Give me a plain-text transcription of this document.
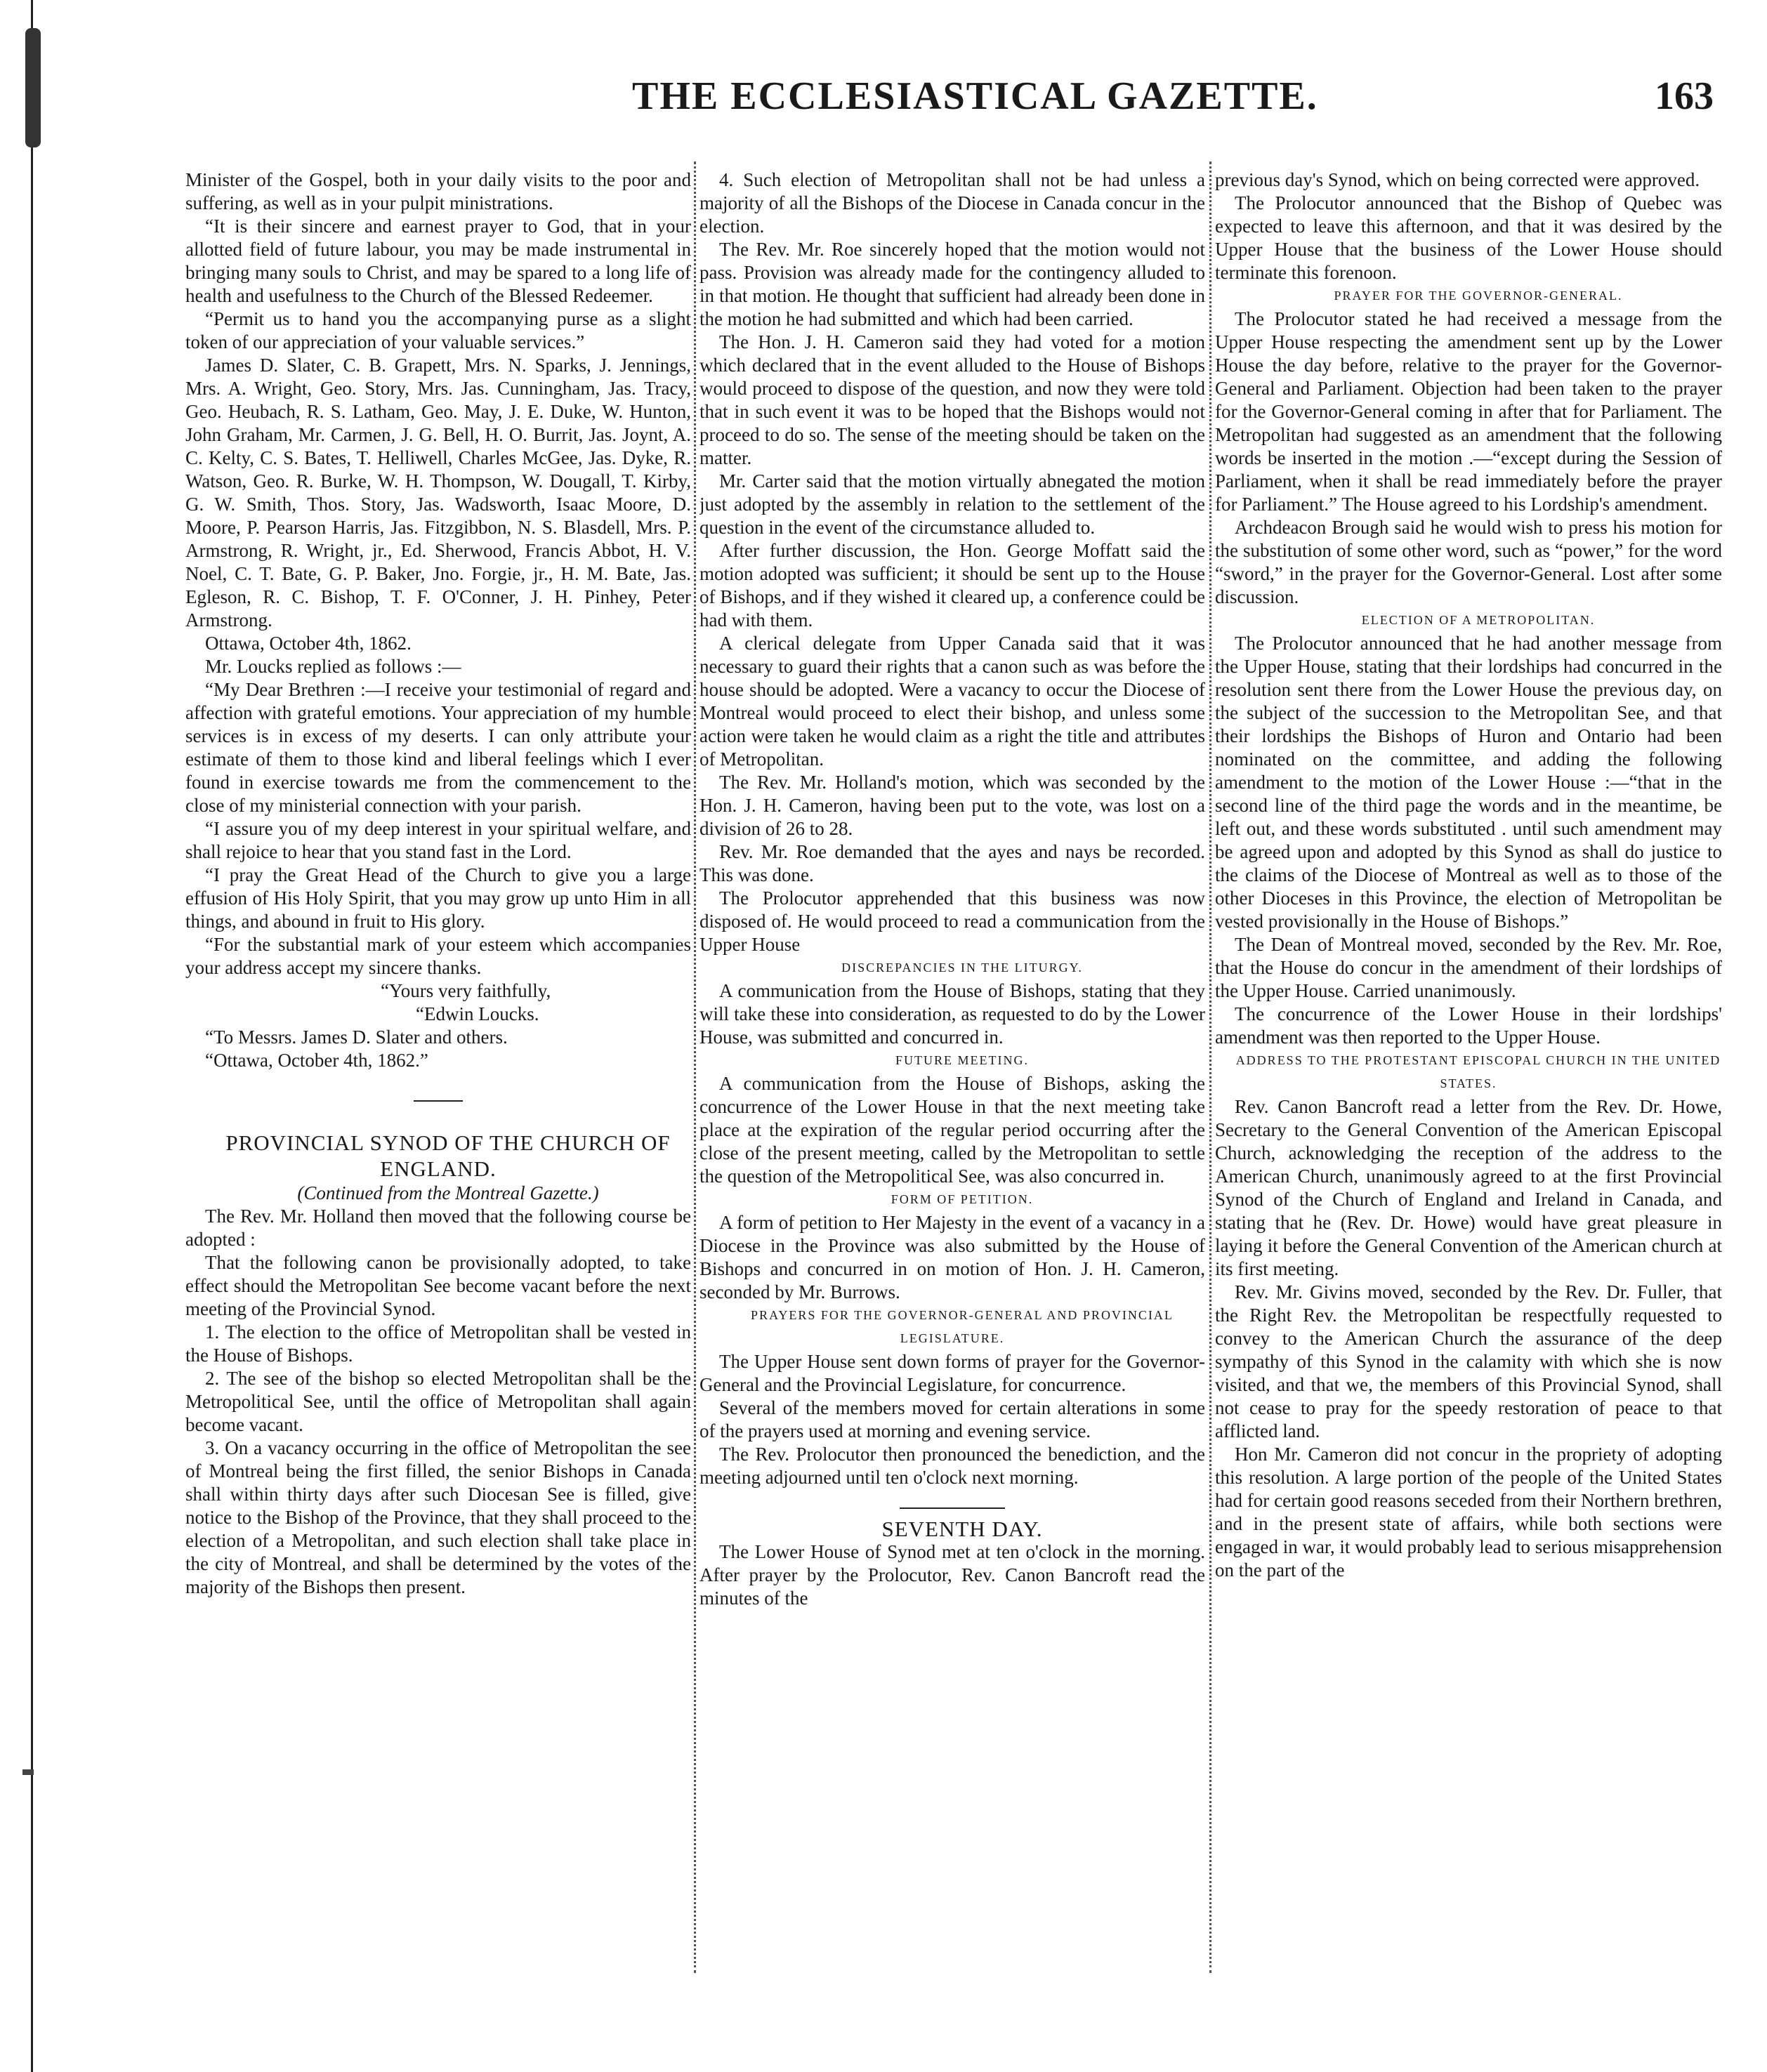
THE ECCLESIASTICAL GAZETTE.	163

Minister of the Gospel, both in your daily visits to the poor and suffering, as well as in your pulpit ministrations.

“It is their sincere and earnest prayer to God, that in your allotted field of future labour, you may be made instrumental in bringing many souls to Christ, and may be spared to a long life of health and usefulness to the Church of the Blessed Redeemer.

“Permit us to hand you the accompanying purse as a slight token of our appreciation of your valuable services.”

James D. Slater, C. B. Grapett, Mrs. N. Sparks, J. Jennings, Mrs. A. Wright, Geo. Story, Mrs. Jas. Cunningham, Jas. Tracy, Geo. Heubach, R. S. Latham, Geo. May, J. E. Duke, W. Hunton, John Graham, Mr. Carmen, J. G. Bell, H. O. Burrit, Jas. Joynt, A. C. Kelty, C. S. Bates, T. Helliwell, Charles McGee, Jas. Dyke, R. Watson, Geo. R. Burke, W. H. Thompson, W. Dougall, T. Kirby, G. W. Smith, Thos. Story, Jas. Wadsworth, Isaac Moore, D. Moore, P. Pearson Harris, Jas. Fitzgibbon, N. S. Blasdell, Mrs. P. Armstrong, R. Wright, jr., Ed. Sherwood, Francis Abbot, H. V. Noel, C. T. Bate, G. P. Baker, Jno. Forgie, jr., H. M. Bate, Jas. Egleson, R. C. Bishop, T. F. O'Conner, J. H. Pinhey, Peter Armstrong.

Ottawa, October 4th, 1862.

Mr. Loucks replied as follows :—

“My Dear Brethren :—I receive your testimonial of regard and affection with grateful emotions. Your appreciation of my humble services is in excess of my deserts. I can only attribute your estimate of them to those kind and liberal feelings which I ever found in exercise towards me from the commencement to the close of my ministerial connection with your parish.

“I assure you of my deep interest in your spiritual welfare, and shall rejoice to hear that you stand fast in the Lord.

“I pray the Great Head of the Church to give you a large effusion of His Holy Spirit, that you may grow up unto Him in all things, and abound in fruit to His glory.

“For the substantial mark of your esteem which accompanies your address accept my sincere thanks.

“Yours very faithfully,

“Edwin Loucks.

“To Messrs. James D. Slater and others.

“Ottawa, October 4th, 1862.”

PROVINCIAL SYNOD OF THE CHURCH OF ENGLAND.

(Continued from the Montreal Gazette.)

The Rev. Mr. Holland then moved that the following course be adopted :

That the following canon be provisionally adopted, to take effect should the Metropolitan See become vacant before the next meeting of the Provincial Synod.

1. The election to the office of Metropolitan shall be vested in the House of Bishops.

2. The see of the bishop so elected Metropolitan shall be the Metropolitical See, until the office of Metropolitan shall again become vacant.

3. On a vacancy occurring in the office of Metropolitan the see of Montreal being the first filled, the senior Bishops in Canada shall within thirty days after such Diocesan See is filled, give notice to the Bishop of the Province, that they shall proceed to the election of a Metropolitan, and such election shall take place in the city of Montreal, and shall be determined by the votes of the majority of the Bishops then present.

4. Such election of Metropolitan shall not be had unless a majority of all the Bishops of the Diocese in Canada concur in the election.

The Rev. Mr. Roe sincerely hoped that the motion would not pass. Provision was already made for the contingency alluded to in that motion. He thought that sufficient had already been done in the motion he had submitted and which had been carried.

The Hon. J. H. Cameron said they had voted for a motion which declared that in the event alluded to the House of Bishops would proceed to dispose of the question, and now they were told that in such event it was to be hoped that the Bishops would not proceed to do so. The sense of the meeting should be taken on the matter.

Mr. Carter said that the motion virtually abnegated the motion just adopted by the assembly in relation to the settlement of the question in the event of the circumstance alluded to.

After further discussion, the Hon. George Moffatt said the motion adopted was sufficient; it should be sent up to the House of Bishops, and if they wished it cleared up, a conference could be had with them.

A clerical delegate from Upper Canada said that it was necessary to guard their rights that a canon such as was before the house should be adopted. Were a vacancy to occur the Diocese of Montreal would proceed to elect their bishop, and unless some action were taken he would claim as a right the title and attributes of Metropolitan.

The Rev. Mr. Holland's motion, which was seconded by the Hon. J. H. Cameron, having been put to the vote, was lost on a division of 26 to 28.

Rev. Mr. Roe demanded that the ayes and nays be recorded. This was done.

The Prolocutor apprehended that this business was now disposed of. He would proceed to read a communication from the Upper House

DISCREPANCIES IN THE LITURGY.

A communication from the House of Bishops, stating that they will take these into consideration, as requested to do by the Lower House, was submitted and concurred in.

FUTURE MEETING.

A communication from the House of Bishops, asking the concurrence of the Lower House in that the next meeting take place at the expiration of the regular period occurring after the close of the present meeting, called by the Metropolitan to settle the question of the Metropolitical See, was also concurred in.

FORM OF PETITION.

A form of petition to Her Majesty in the event of a vacancy in a Diocese in the Province was also submitted by the House of Bishops and concurred in on motion of Hon. J. H. Cameron, seconded by Mr. Burrows.

PRAYERS FOR THE GOVERNOR-GENERAL AND PROVINCIAL LEGISLATURE.

The Upper House sent down forms of prayer for the Governor-General and the Provincial Legislature, for concurrence.

Several of the members moved for certain alterations in some of the prayers used at morning and evening service.

The Rev. Prolocutor then pronounced the benediction, and the meeting adjourned until ten o'clock next morning.

SEVENTH DAY.

The Lower House of Synod met at ten o'clock in the morning. After prayer by the Prolocutor, Rev. Canon Bancroft read the minutes of the

previous day's Synod, which on being corrected were approved.

The Prolocutor announced that the Bishop of Quebec was expected to leave this afternoon, and that it was desired by the Upper House that the business of the Lower House should terminate this forenoon.

PRAYER FOR THE GOVERNOR-GENERAL.

The Prolocutor stated he had received a message from the Upper House respecting the amendment sent up by the Lower House the day before, relative to the prayer for the Governor-General and Parliament. Objection had been taken to the prayer for the Governor-General coming in after that for Parliament. The Metropolitan had suggested as an amendment that the following words be inserted in the motion .—“except during the Session of Parliament, when it shall be read immediately before the prayer for Parliament.” The House agreed to his Lordship's amendment.

Archdeacon Brough said he would wish to press his motion for the substitution of some other word, such as “power,” for the word “sword,” in the prayer for the Governor-General. Lost after some discussion.

ELECTION OF A METROPOLITAN.

The Prolocutor announced that he had another message from the Upper House, stating that their lordships had concurred in the resolution sent there from the Lower House the previous day, on the subject of the succession to the Metropolitan See, and that their lordships the Bishops of Huron and Ontario had been nominated on the committee, and adding the following amendment to the motion of the Lower House :—“that in the second line of the third page the words and in the meantime, be left out, and these words substituted . until such amendment may be agreed upon and adopted by this Synod as shall do justice to the claims of the Diocese of Montreal as well as to those of the other Dioceses in this Province, the election of Metropolitan be vested provisionally in the House of Bishops.”

The Dean of Montreal moved, seconded by the Rev. Mr. Roe, that the House do concur in the amendment of their lordships of the Upper House. Carried unanimously.

The concurrence of the Lower House in their lordships' amendment was then reported to the Upper House.

ADDRESS TO THE PROTESTANT EPISCOPAL CHURCH IN THE UNITED STATES.

Rev. Canon Bancroft read a letter from the Rev. Dr. Howe, Secretary to the General Convention of the American Episcopal Church, acknowledging the reception of the address to the American Church, unanimously agreed to at the first Provincial Synod of the Church of England and Ireland in Canada, and stating that he (Rev. Dr. Howe) would have great pleasure in laying it before the General Convention of the American church at its first meeting.

Rev. Mr. Givins moved, seconded by the Rev. Dr. Fuller, that the Right Rev. the Metropolitan be respectfully requested to convey to the American Church the assurance of the deep sympathy of this Synod in the calamity with which she is now visited, and that we, the members of this Provincial Synod, shall not cease to pray for the speedy restoration of peace to that afflicted land.

Hon Mr. Cameron did not concur in the propriety of adopting this resolution. A large portion of the people of the United States had for certain good reasons seceded from their Northern brethren, and in the present state of affairs, while both sections were engaged in war, it would probably lead to serious misapprehension on the part of the
